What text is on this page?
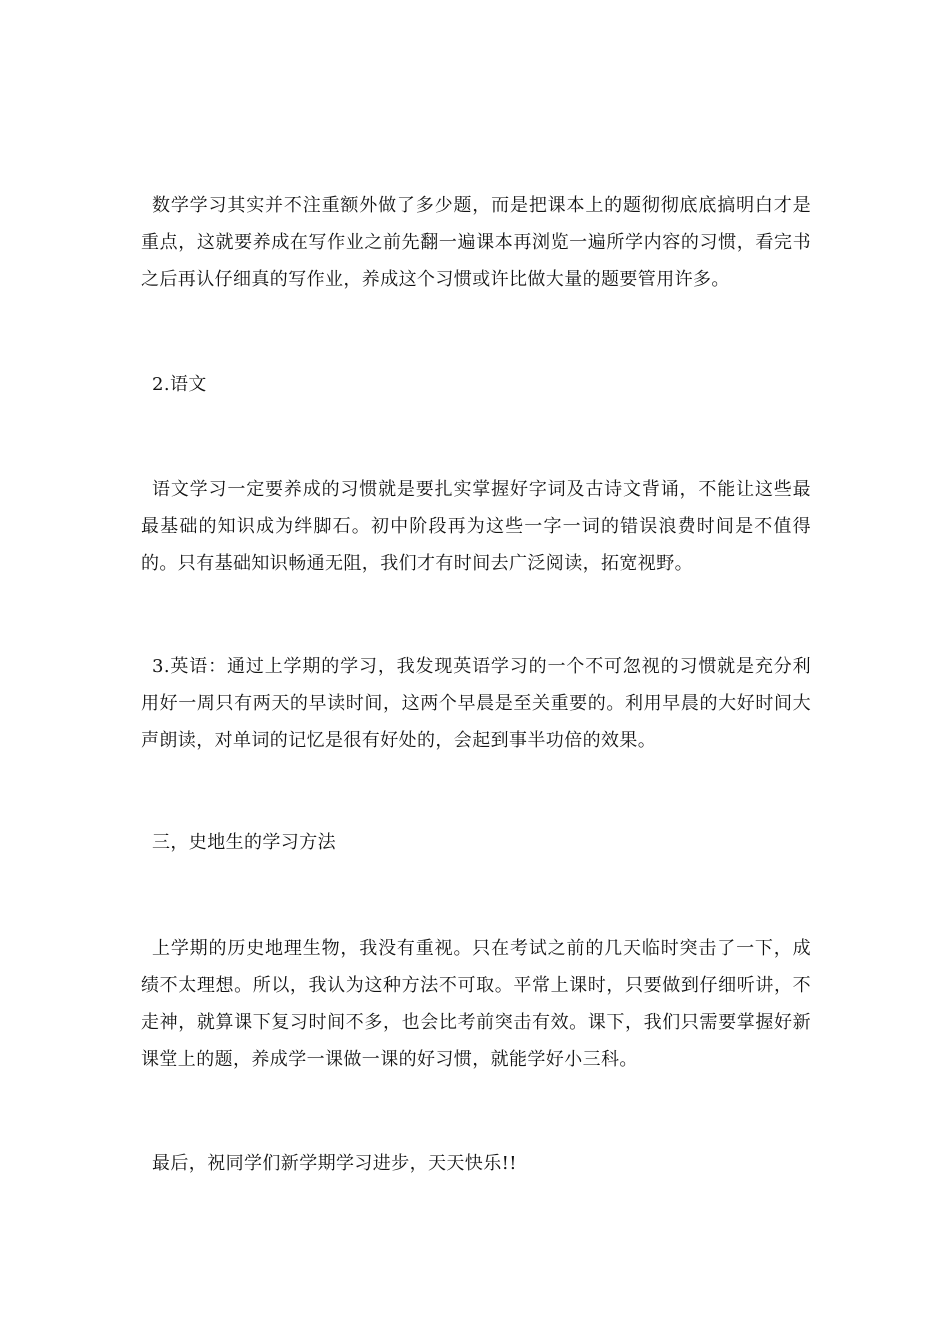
数学学习其实并不注重额外做了多少题，而是把课本上的题彻彻底底搞明白才是重点，这就要养成在写作业之前先翻一遍课本再浏览一遍所学内容的习惯，看完书之后再认仔细真的写作业，养成这个习惯或许比做大量的题要管用许多。

2.语文

语文学习一定要养成的习惯就是要扎实掌握好字词及古诗文背诵，不能让这些最最基础的知识成为绊脚石。初中阶段再为这些一字一词的错误浪费时间是不值得的。只有基础知识畅通无阻，我们才有时间去广泛阅读，拓宽视野。

3.英语：通过上学期的学习，我发现英语学习的一个不可忽视的习惯就是充分利用好一周只有两天的早读时间，这两个早晨是至关重要的。利用早晨的大好时间大声朗读，对单词的记忆是很有好处的，会起到事半功倍的效果。

三，史地生的学习方法

上学期的历史地理生物，我没有重视。只在考试之前的几天临时突击了一下，成绩不太理想。所以，我认为这种方法不可取。平常上课时，只要做到仔细听讲，不走神，就算课下复习时间不多，也会比考前突击有效。课下，我们只需要掌握好新课堂上的题，养成学一课做一课的好习惯，就能学好小三科。

最后，祝同学们新学期学习进步，天天快乐!!
